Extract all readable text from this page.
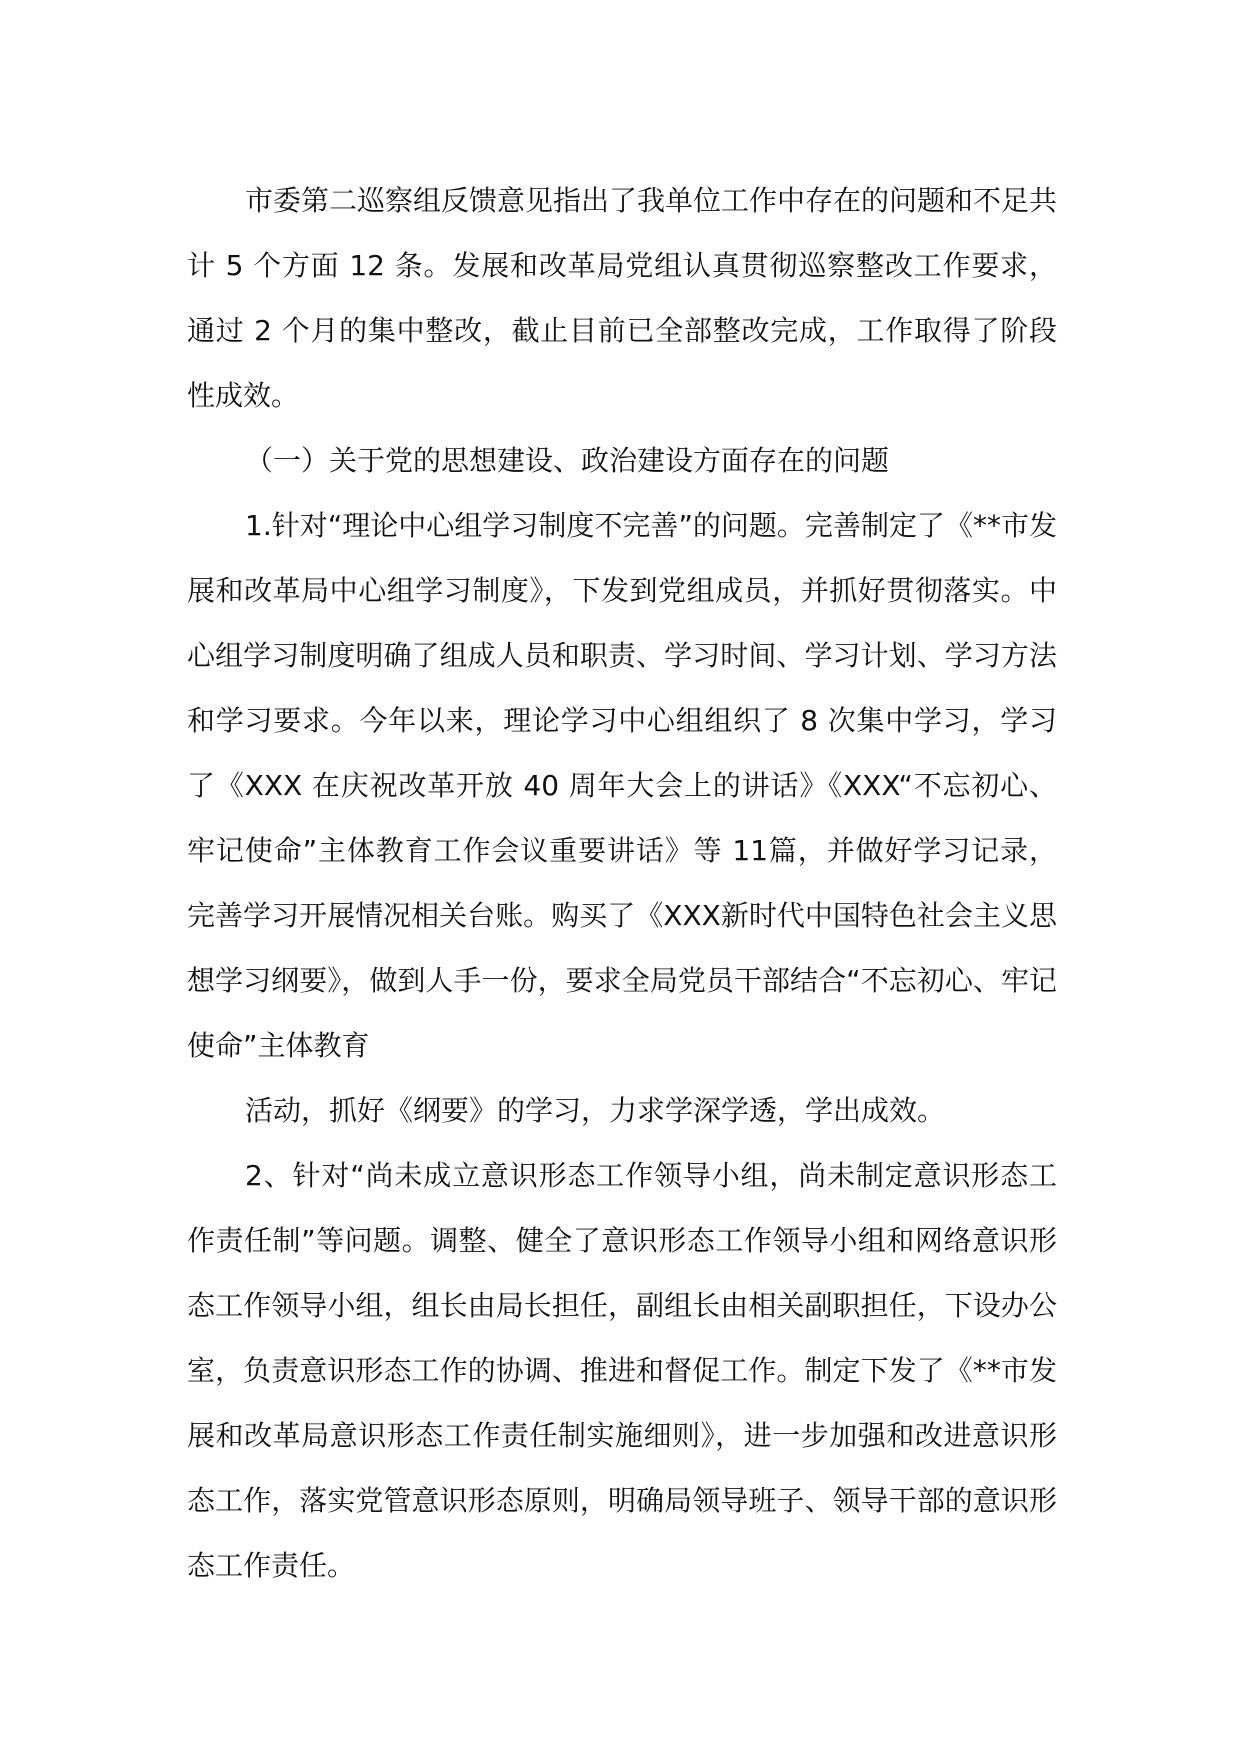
市委第二巡察组反馈意见指出了我单位工作中存在的问题和不足共计 5 个方面 12 条。发展和改革局党组认真贯彻巡察整改工作要求，通过 2 个月的集中整改，截止目前已全部整改完成，工作取得了阶段性成效。

（一）关于党的思想建设、政治建设方面存在的问题

1.针对“理论中心组学习制度不完善”的问题。完善制定了《**市发展和改革局中心组学习制度》，下发到党组成员，并抓好贯彻落实。中心组学习制度明确了组成人员和职责、学习时间、学习计划、学习方法和学习要求。今年以来，理论学习中心组组织了 8 次集中学习，学习了《XXX 在庆祝改革开放 40 周年大会上的讲话》《XXX“不忘初心、牢记使命”主体教育工作会议重要讲话》等 11篇，并做好学习记录，完善学习开展情况相关台账。购买了《XXX新时代中国特色社会主义思想学习纲要》，做到人手一份，要求全局党员干部结合“不忘初心、牢记使命”主体教育

活动，抓好《纲要》的学习，力求学深学透，学出成效。

2、针对“尚未成立意识形态工作领导小组，尚未制定意识形态工作责任制”等问题。调整、健全了意识形态工作领导小组和网络意识形态工作领导小组，组长由局长担任，副组长由相关副职担任，下设办公室，负责意识形态工作的协调、推进和督促工作。制定下发了《**市发展和改革局意识形态工作责任制实施细则》，进一步加强和改进意识形态工作，落实党管意识形态原则，明确局领导班子、领导干部的意识形态工作责任。
